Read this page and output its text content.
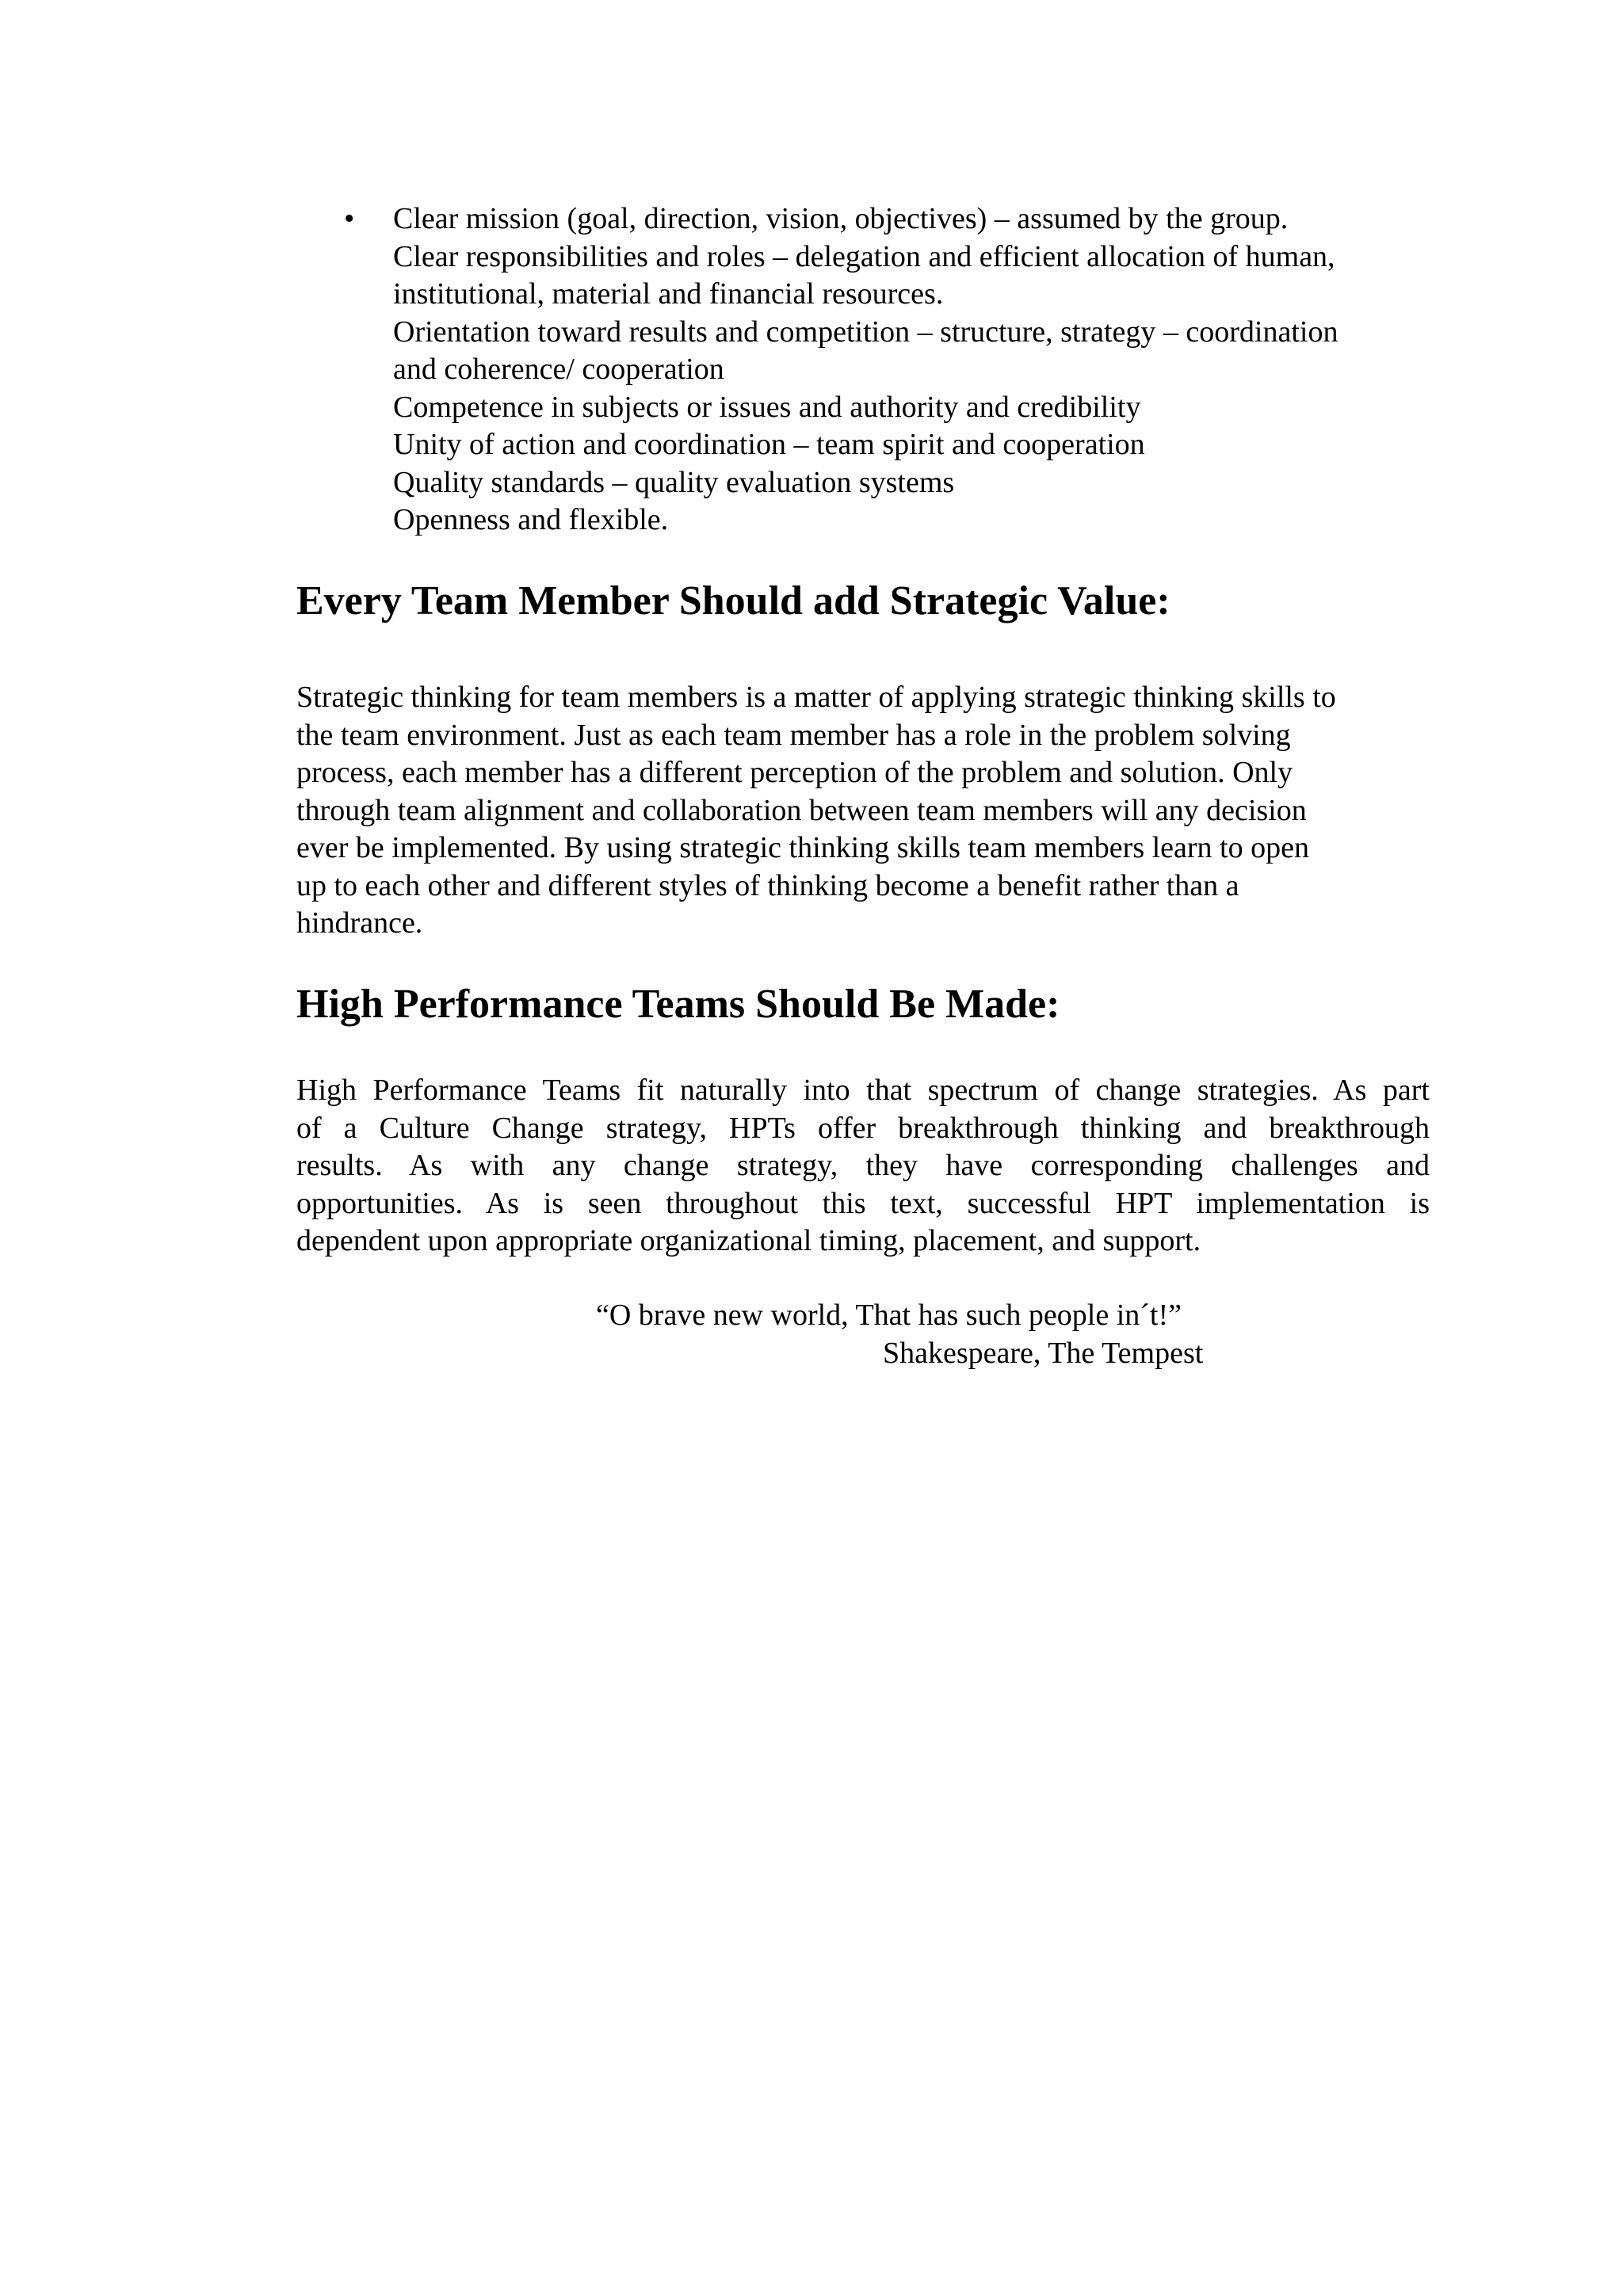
• Clear mission (goal, direction, vision, objectives) – assumed by the group.
Clear responsibilities and roles – delegation and efficient allocation of human,
institutional, material and financial resources.
Orientation toward results and competition – structure, strategy – coordination
and coherence/ cooperation
Competence in subjects or issues and authority and credibility
Unity of action and coordination – team spirit and cooperation
Quality standards – quality evaluation systems
Openness and flexible.
Every Team Member Should add Strategic Value:

Strategic thinking for team members is a matter of applying strategic thinking skills to
the team environment. Just as each team member has a role in the problem solving
process, each member has a different perception of the problem and solution. Only
through team alignment and collaboration between team members will any decision
ever be implemented. By using strategic thinking skills team members learn to open
up to each other and different styles of thinking become a benefit rather than a
hindrance.

High Performance Teams Should Be Made:

High Performance Teams fit naturally into that spectrum of change strategies. As part
of a Culture Change strategy, HPTs offer breakthrough thinking and breakthrough
results. As with any change strategy, they have corresponding challenges and
opportunities. As is seen throughout this text, successful HPT implementation is
dependent upon appropriate organizational timing, placement, and support.

“O brave new world, That has such people in´t!”
Shakespeare, The Tempest
